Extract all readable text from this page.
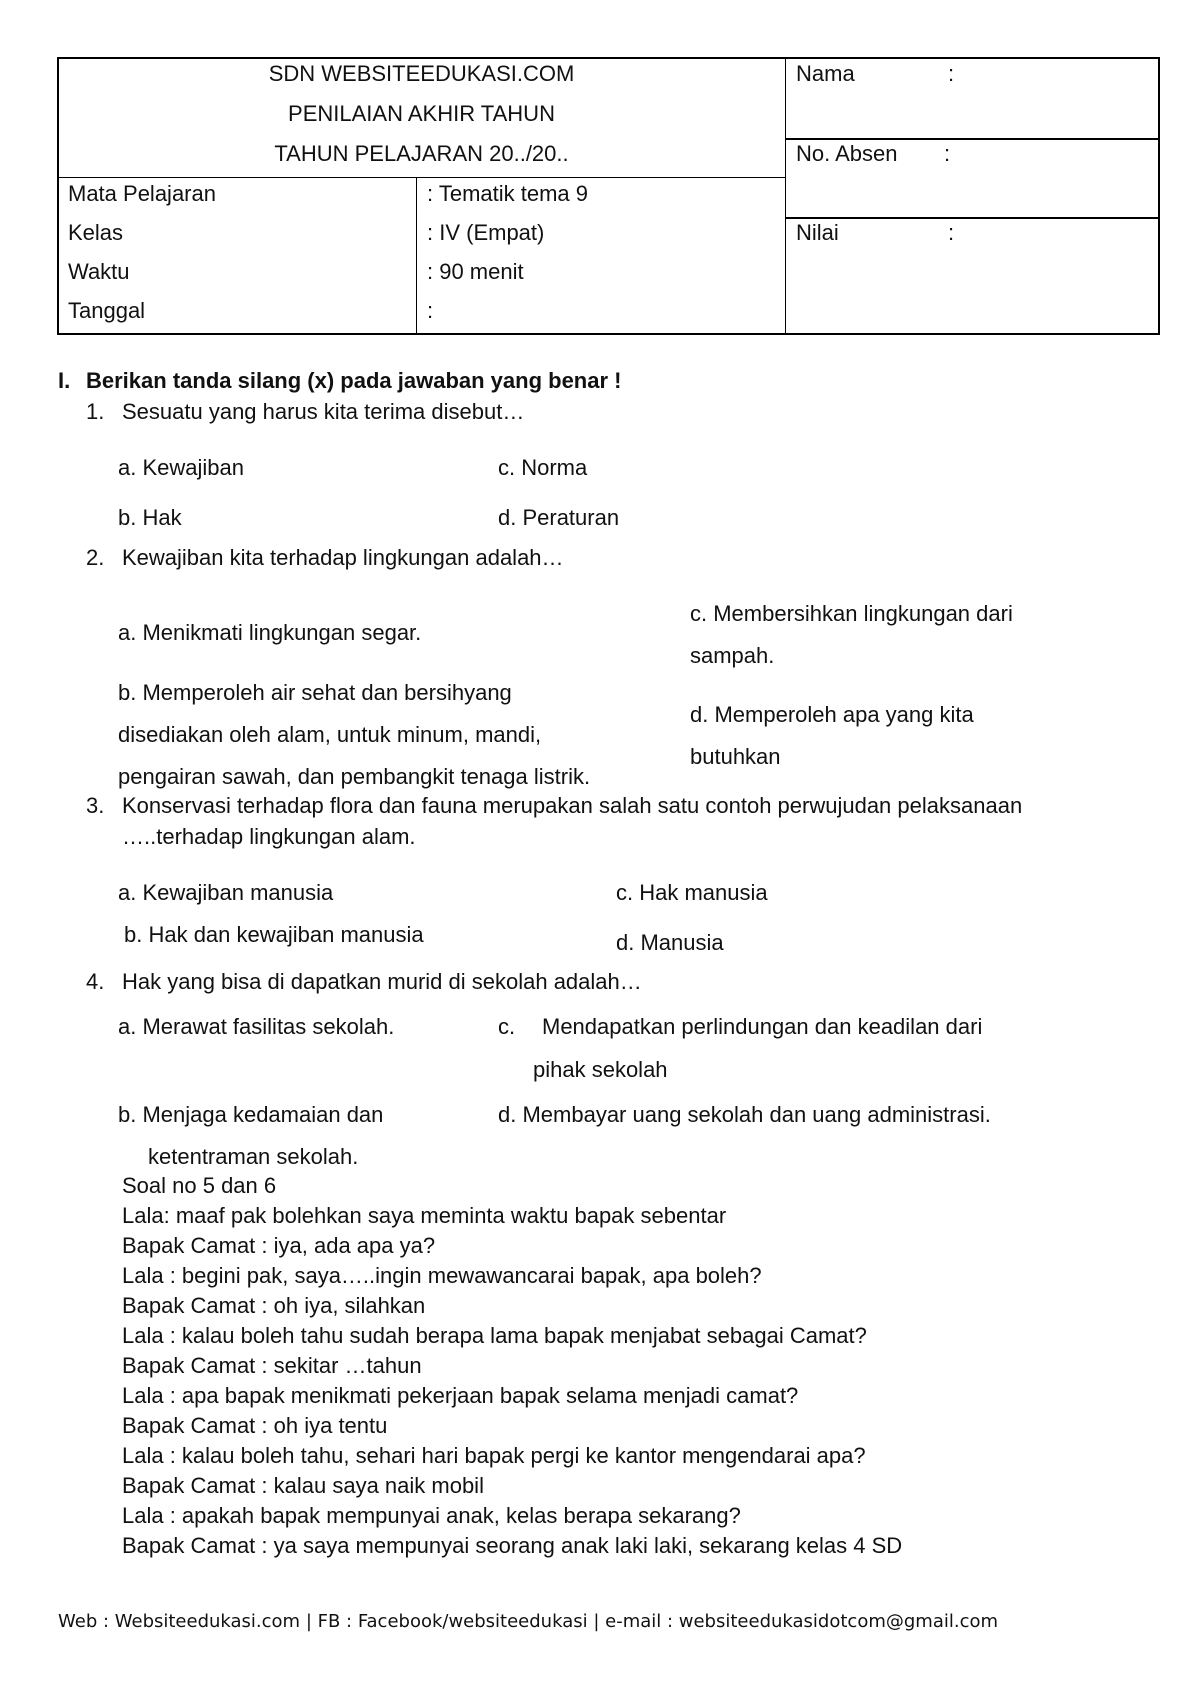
SDN WEBSITEEDUKASI.COM
PENILAIAN AKHIR TAHUN
TAHUN PELAJARAN 20../20..
Mata Pelajaran	: Tematik tema 9
Kelas	: IV (Empat)
Waktu	: 90 menit
Tanggal	:
Nama	:
No. Absen :
Nilai	:
I. Berikan tanda silang (x) pada jawaban yang benar !
1. Sesuatu yang harus kita terima disebut…
a. Kewajiban	c. Norma
b. Hak	d. Peraturan
2. Kewajiban kita terhadap lingkungan adalah…
a. Menikmati lingkungan segar.
c. Membersihkan lingkungan dari
sampah.
b. Memperoleh air sehat dan bersihyang
disediakan oleh alam, untuk minum, mandi,
pengairan sawah, dan pembangkit tenaga listrik.
d. Memperoleh apa yang kita
butuhkan
3. Konservasi terhadap flora dan fauna merupakan salah satu contoh perwujudan pelaksanaan
…..terhadap lingkungan alam.
a. Kewajiban manusia	c. Hak manusia
b. Hak dan kewajiban manusia	d. Manusia
4. Hak yang bisa di dapatkan murid di sekolah adalah…
a. Merawat fasilitas sekolah.	c. Mendapatkan perlindungan dan keadilan dari
pihak sekolah
b. Menjaga kedamaian dan
ketentraman sekolah.
d. Membayar uang sekolah dan uang administrasi.
Soal no 5 dan 6
Lala: maaf pak bolehkan saya meminta waktu bapak sebentar
Bapak Camat : iya, ada apa ya?
Lala : begini pak, saya…..ingin mewawancarai bapak, apa boleh?
Bapak Camat : oh iya, silahkan
Lala : kalau boleh tahu sudah berapa lama bapak menjabat sebagai Camat?
Bapak Camat : sekitar …tahun
Lala : apa bapak menikmati pekerjaan bapak selama menjadi camat?
Bapak Camat : oh iya tentu
Lala : kalau boleh tahu, sehari hari bapak pergi ke kantor mengendarai apa?
Bapak Camat : kalau saya naik mobil
Lala : apakah bapak mempunyai anak, kelas berapa sekarang?
Bapak Camat : ya saya mempunyai seorang anak laki laki, sekarang kelas 4 SD
Web : Websiteedukasi.com | FB : Facebook/websiteedukasi | e-mail : websiteedukasidotcom@gmail.com
